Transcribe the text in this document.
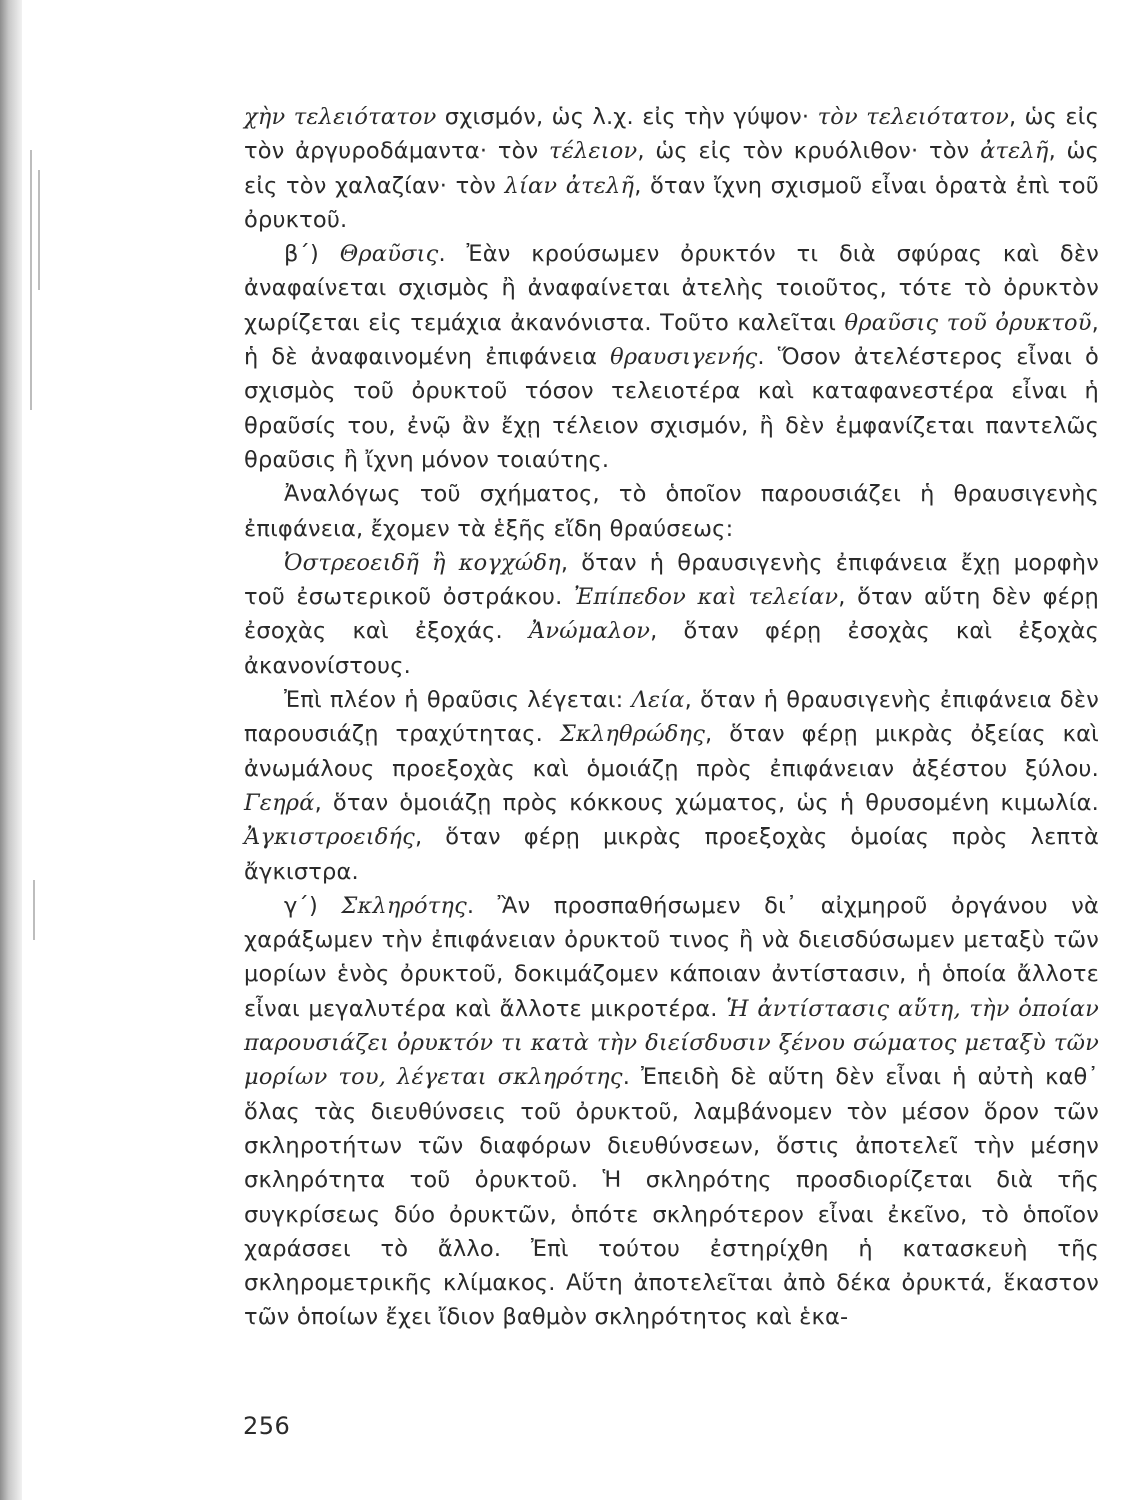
χὴν τελειότατον σχισμόν, ὡς λ.χ. εἰς τὴν γύψον· τὸν τελειότατον, ὡς εἰς τὸν ἀργυροδάμαντα· τὸν τέλειον, ὡς εἰς τὸν κρυόλιθον· τὸν ἀτελῆ, ὡς εἰς τὸν χαλαζίαν· τὸν λίαν ἀτελῆ, ὅταν ἴχνη σχισμοῦ εἶναι ὁρατὰ ἐπὶ τοῦ ὀρυκτοῦ.

β΄) Θραῦσις. Ἐὰν κρούσωμεν ὀρυκτόν τι διὰ σφύρας καὶ δὲν ἀναφαίνεται σχισμὸς ἢ ἀναφαίνεται ἀτελὴς τοιοῦτος, τότε τὸ ὀρυκτὸν χωρίζεται εἰς τεμάχια ἀκανόνιστα. Τοῦτο καλεῖται θραῦσις τοῦ ὀρυκτοῦ, ἡ δὲ ἀναφαινομένη ἐπιφάνεια θραυσιγενής. Ὅσον ἀτελέστερος εἶναι ὁ σχισμὸς τοῦ ὀρυκτοῦ τόσον τελειοτέρα καὶ καταφανεστέρα εἶναι ἡ θραῦσίς του, ἐνῷ ἂν ἔχῃ τέλειον σχισμόν, ἢ δὲν ἐμφανίζεται παντελῶς θραῦσις ἢ ἴχνη μόνον τοιαύτης.

Ἀναλόγως τοῦ σχήματος, τὸ ὁποῖον παρουσιάζει ἡ θραυσιγενὴς ἐπιφάνεια, ἔχομεν τὰ ἑξῆς εἴδη θραύσεως:

Ὀστρεοειδῆ ἢ κογχώδη, ὅταν ἡ θραυσιγενὴς ἐπιφάνεια ἔχῃ μορφὴν τοῦ ἐσωτερικοῦ ὀστράκου. Ἐπίπεδον καὶ τελείαν, ὅταν αὕτη δὲν φέρῃ ἐσοχὰς καὶ ἐξοχάς. Ἀνώμαλον, ὅταν φέρῃ ἐσοχὰς καὶ ἐξοχὰς ἀκανονίστους.

Ἐπὶ πλέον ἡ θραῦσις λέγεται: Λεία, ὅταν ἡ θραυσιγενὴς ἐπιφάνεια δὲν παρουσιάζῃ τραχύτητας. Σκληθρώδης, ὅταν φέρῃ μικρὰς ὀξείας καὶ ἀνωμάλους προεξοχὰς καὶ ὁμοιάζῃ πρὸς ἐπιφάνειαν ἀξέστου ξύλου. Γεηρά, ὅταν ὁμοιάζῃ πρὸς κόκκους χώματος, ὡς ἡ θρυσομένη κιμωλία. Ἀγκιστροειδής, ὅταν φέρῃ μικρὰς προεξοχὰς ὁμοίας πρὸς λεπτὰ ἄγκιστρα.

γ΄) Σκληρότης. Ἂν προσπαθήσωμεν δι᾽ αἰχμηροῦ ὀργάνου νὰ χαράξωμεν τὴν ἐπιφάνειαν ὀρυκτοῦ τινος ἢ νὰ διεισδύσωμεν μεταξὺ τῶν μορίων ἑνὸς ὀρυκτοῦ, δοκιμάζομεν κάποιαν ἀντίστασιν, ἡ ὁποία ἄλλοτε εἶναι μεγαλυτέρα καὶ ἄλλοτε μικροτέρα. Ἡ ἀντίστασις αὕτη, τὴν ὁποίαν παρουσιάζει ὀρυκτόν τι κατὰ τὴν διείσδυσιν ξένου σώματος μεταξὺ τῶν μορίων του, λέγεται σκληρότης. Ἐπειδὴ δὲ αὕτη δὲν εἶναι ἡ αὐτὴ καθ᾽ ὅλας τὰς διευθύνσεις τοῦ ὀρυκτοῦ, λαμβάνομεν τὸν μέσον ὅρον τῶν σκληροτήτων τῶν διαφόρων διευθύνσεων, ὅστις ἀποτελεῖ τὴν μέσην σκληρότητα τοῦ ὀρυκτοῦ. Ἡ σκληρότης προσδιορίζεται διὰ τῆς συγκρίσεως δύο ὀρυκτῶν, ὁπότε σκληρότερον εἶναι ἐκεῖνο, τὸ ὁποῖον χαράσσει τὸ ἄλλο. Ἐπὶ τούτου ἐστηρίχθη ἡ κατασκευὴ τῆς σκληρομετρικῆς κλίμακος. Αὕτη ἀποτελεῖται ἀπὸ δέκα ὀρυκτά, ἕκαστον τῶν ὁποίων ἔχει ἴδιον βαθμὸν σκληρότητος καὶ ἑκα-

256
